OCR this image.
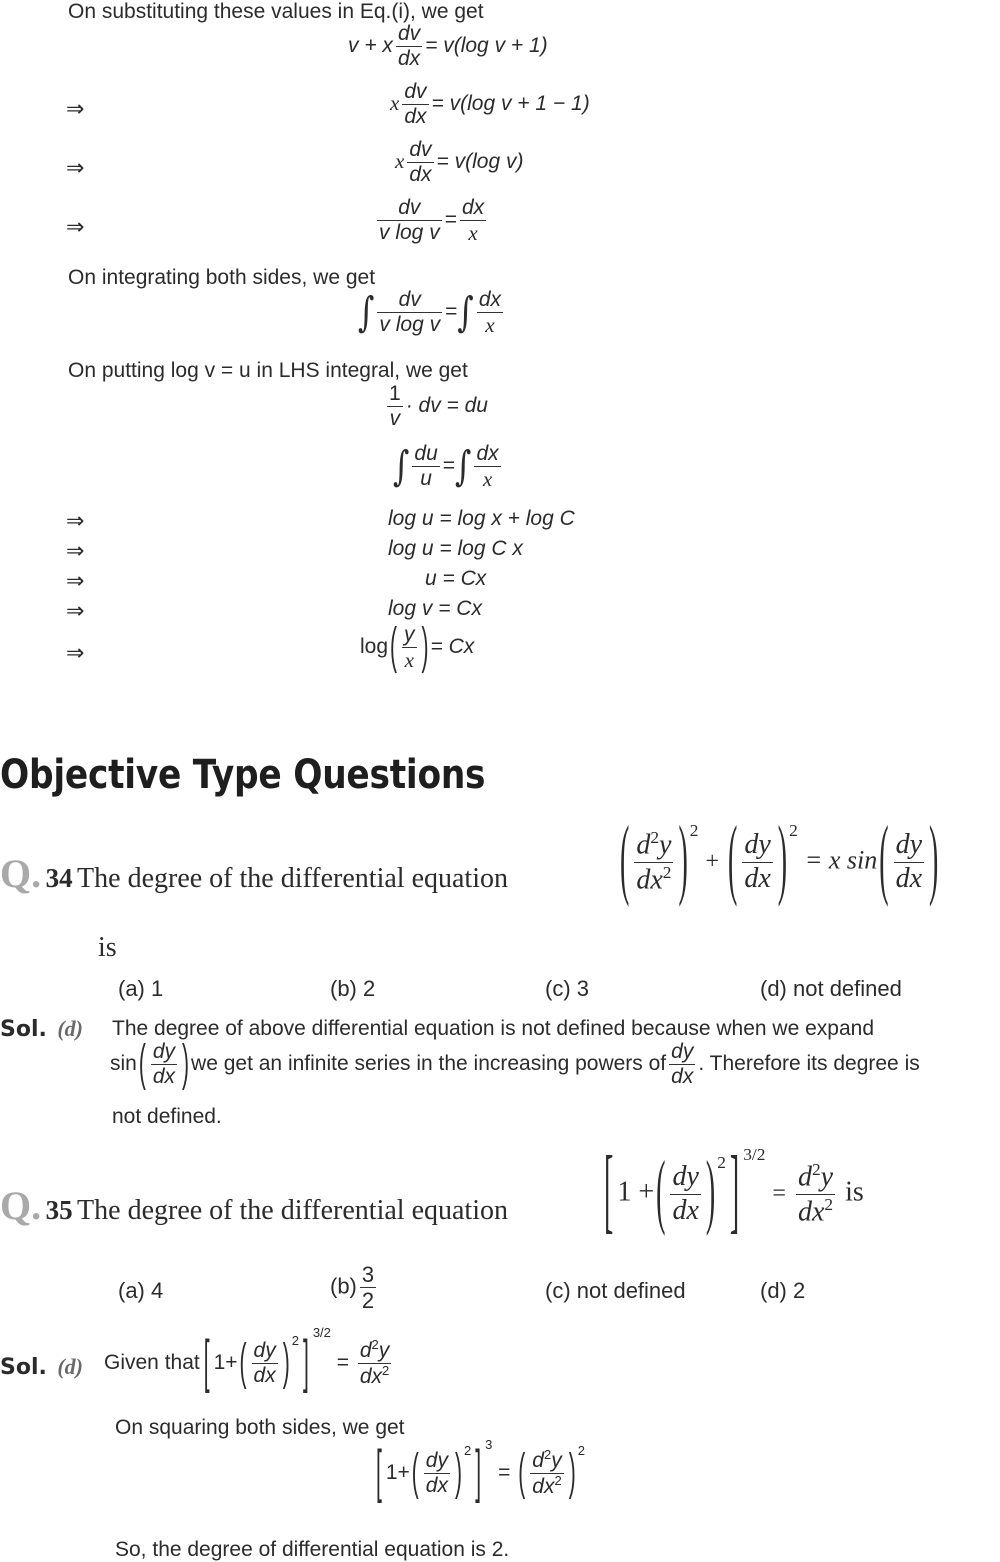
On substituting these values in Eq.(i), we get
v + x $\frac{dv}{dx} = v(\log$ v + 1)
⇒	x $\frac{dv}{dx} = v(\log$ v + 1 − 1)
⇒	x $\frac{dv}{dx} = v(\log$ v)
⇒	$\frac{dv}{\text{v log v}} = \frac{dx}{x}$
On integrating both sides, we get
∫ $\frac{dv}{\text{v log v}}$ =∫ $\frac{dx}{x}$
On putting log v = u in LHS integral, we get
$\frac{1}{v}$ · dv = du
∫ $\frac{du}{u}$ =∫ $\frac{dx}{x}$
⇒	log u = log x + log C
⇒	log u = log C x
⇒	u = Cx
⇒	log v = Cx
⇒	$\log( \frac{y}{x}$ )= Cx
Objective Type Questions
Q. 34 The degree of the differential equation	( $\frac{d^2y}{dx^2}$ ) $^2$ + ( $\frac{dy}{dx}$ ) $^2$ = x $\sin( \frac{dy}{dx}$ )
is
(a) 1	(b) 2	(c) 3	(d) not defined
Sol. (d) The degree of above differential equation is not defined because when we expand
$\sin( \frac{dy}{dx} )we$ get an infinite series in the increasing powers of $\frac{dy}{dx}$ . Therefore its degree is
not defined.
Q. 35 The degree of the differential equation	[ 1 +( $\frac{dy}{dx}$ ) $^2$ ] $^{3/2} = \frac{d^2y}{dx^2}$ is
(a) 4	$(b) \frac{3}{2}$	(c) not defined	(d) 2
Sol. (d) Given that [ $1+( \frac{dy}{dx}$ ) $^2$ ] $^{3/2} = \frac{d^2y}{dx^2}$
On squaring both sides, we get
[ $1+( \frac{dy}{dx}$ ) $^2$ ] $^3$ = ( $\frac{d^2y}{dx^2}$ ) $^2$
So, the degree of differential equation is 2.
